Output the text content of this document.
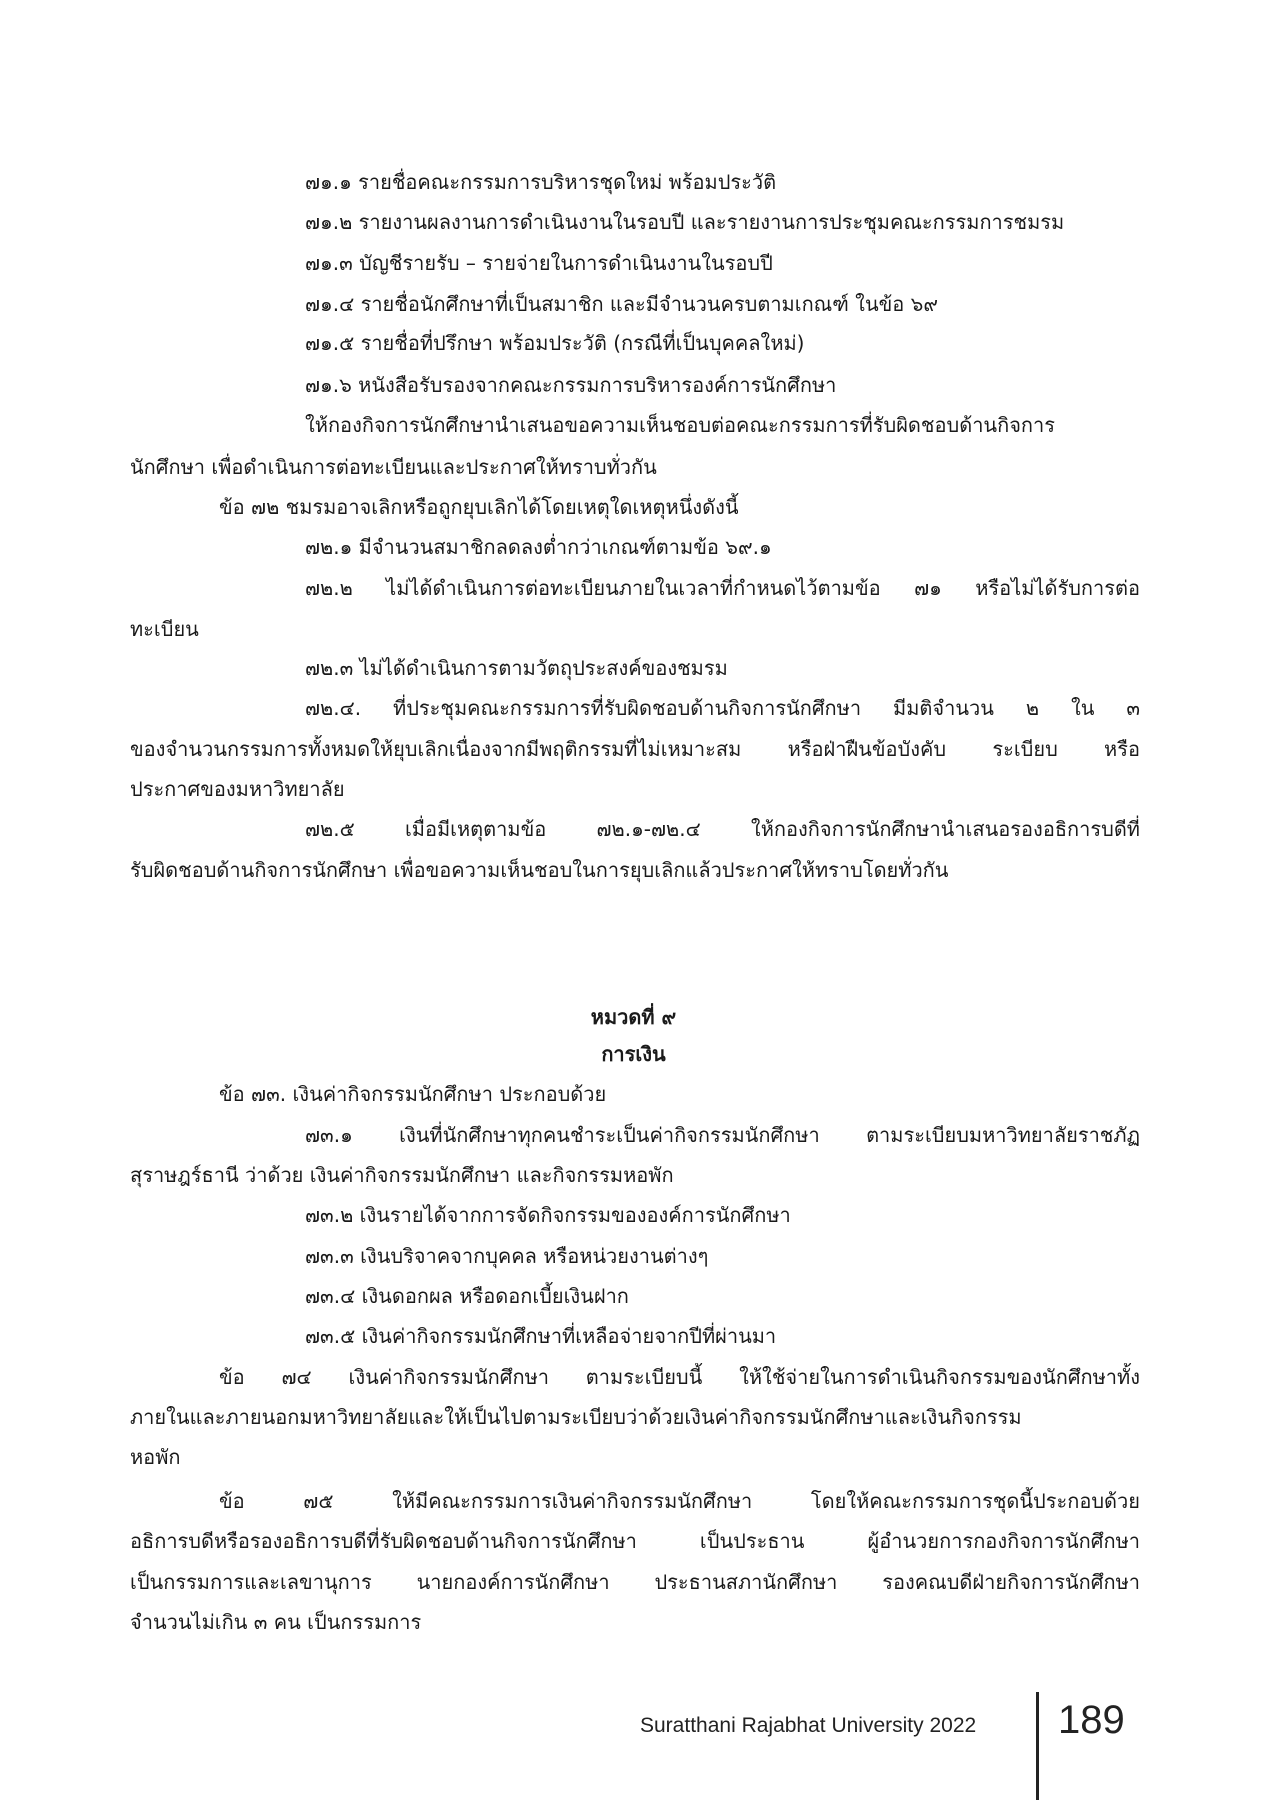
๗๑.๑ รายชื่อคณะกรรมการบริหารชุดใหม่ พร้อมประวัติ
๗๑.๒ รายงานผลงานการดำเนินงานในรอบปี และรายงานการประชุมคณะกรรมการชมรม
๗๑.๓ บัญชีรายรับ – รายจ่ายในการดำเนินงานในรอบปี
๗๑.๔ รายชื่อนักศึกษาที่เป็นสมาชิก และมีจำนวนครบตามเกณฑ์ ในข้อ ๖๙
๗๑.๕ รายชื่อที่ปรึกษา พร้อมประวัติ (กรณีที่เป็นบุคคลใหม่)
๗๑.๖ หนังสือรับรองจากคณะกรรมการบริหารองค์การนักศึกษา
ให้กองกิจการนักศึกษานำเสนอขอความเห็นชอบต่อคณะกรรมการที่รับผิดชอบด้านกิจการ
นักศึกษา เพื่อดำเนินการต่อทะเบียนและประกาศให้ทราบทั่วกัน
ข้อ ๗๒ ชมรมอาจเลิกหรือถูกยุบเลิกได้โดยเหตุใดเหตุหนึ่งดังนี้
๗๒.๑ มีจำนวนสมาชิกลดลงต่ำกว่าเกณฑ์ตามข้อ ๖๙.๑
๗๒.๒ ไม่ได้ดำเนินการต่อทะเบียนภายในเวลาที่กำหนดไว้ตามข้อ ๗๑ หรือไม่ได้รับการต่อ
ทะเบียน
๗๒.๓ ไม่ได้ดำเนินการตามวัตถุประสงค์ของชมรม
๗๒.๔. ที่ประชุมคณะกรรมการที่รับผิดชอบด้านกิจการนักศึกษา มีมติจำนวน ๒ ใน ๓
ของจำนวนกรรมการทั้งหมดให้ยุบเลิกเนื่องจากมีพฤติกรรมที่ไม่เหมาะสม หรือฝ่าฝืนข้อบังคับ ระเบียบ หรือ
ประกาศของมหาวิทยาลัย
๗๒.๕ เมื่อมีเหตุตามข้อ ๗๒.๑-๗๒.๔ ให้กองกิจการนักศึกษานำเสนอรองอธิการบดีที่
รับผิดชอบด้านกิจการนักศึกษา เพื่อขอความเห็นชอบในการยุบเลิกแล้วประกาศให้ทราบโดยทั่วกัน
หมวดที่ ๙
การเงิน
ข้อ ๗๓. เงินค่ากิจกรรมนักศึกษา ประกอบด้วย
๗๓.๑ เงินที่นักศึกษาทุกคนชำระเป็นค่ากิจกรรมนักศึกษา ตามระเบียบมหาวิทยาลัยราชภัฏ
สุราษฎร์ธานี ว่าด้วย เงินค่ากิจกรรมนักศึกษา และกิจกรรมหอพัก
๗๓.๒ เงินรายได้จากการจัดกิจกรรมขององค์การนักศึกษา
๗๓.๓ เงินบริจาคจากบุคคล หรือหน่วยงานต่างๆ
๗๓.๔ เงินดอกผล หรือดอกเบี้ยเงินฝาก
๗๓.๕ เงินค่ากิจกรรมนักศึกษาที่เหลือจ่ายจากปีที่ผ่านมา
ข้อ ๗๔ เงินค่ากิจกรรมนักศึกษา ตามระเบียบนี้ ให้ใช้จ่ายในการดำเนินกิจกรรมของนักศึกษาทั้ง
ภายในและภายนอกมหาวิทยาลัยและให้เป็นไปตามระเบียบว่าด้วยเงินค่ากิจกรรมนักศึกษาและเงินกิจกรรม
หอพัก
ข้อ ๗๕ ให้มีคณะกรรมการเงินค่ากิจกรรมนักศึกษา โดยให้คณะกรรมการชุดนี้ประกอบด้วย
อธิการบดีหรือรองอธิการบดีที่รับผิดชอบด้านกิจการนักศึกษา เป็นประธาน ผู้อำนวยการกองกิจการนักศึกษา
เป็นกรรมการและเลขานุการ นายกองค์การนักศึกษา ประธานสภานักศึกษา รองคณบดีฝ่ายกิจการนักศึกษา
จำนวนไม่เกิน ๓ คน เป็นกรรมการ
Suratthani Rajabhat University 2022 189
